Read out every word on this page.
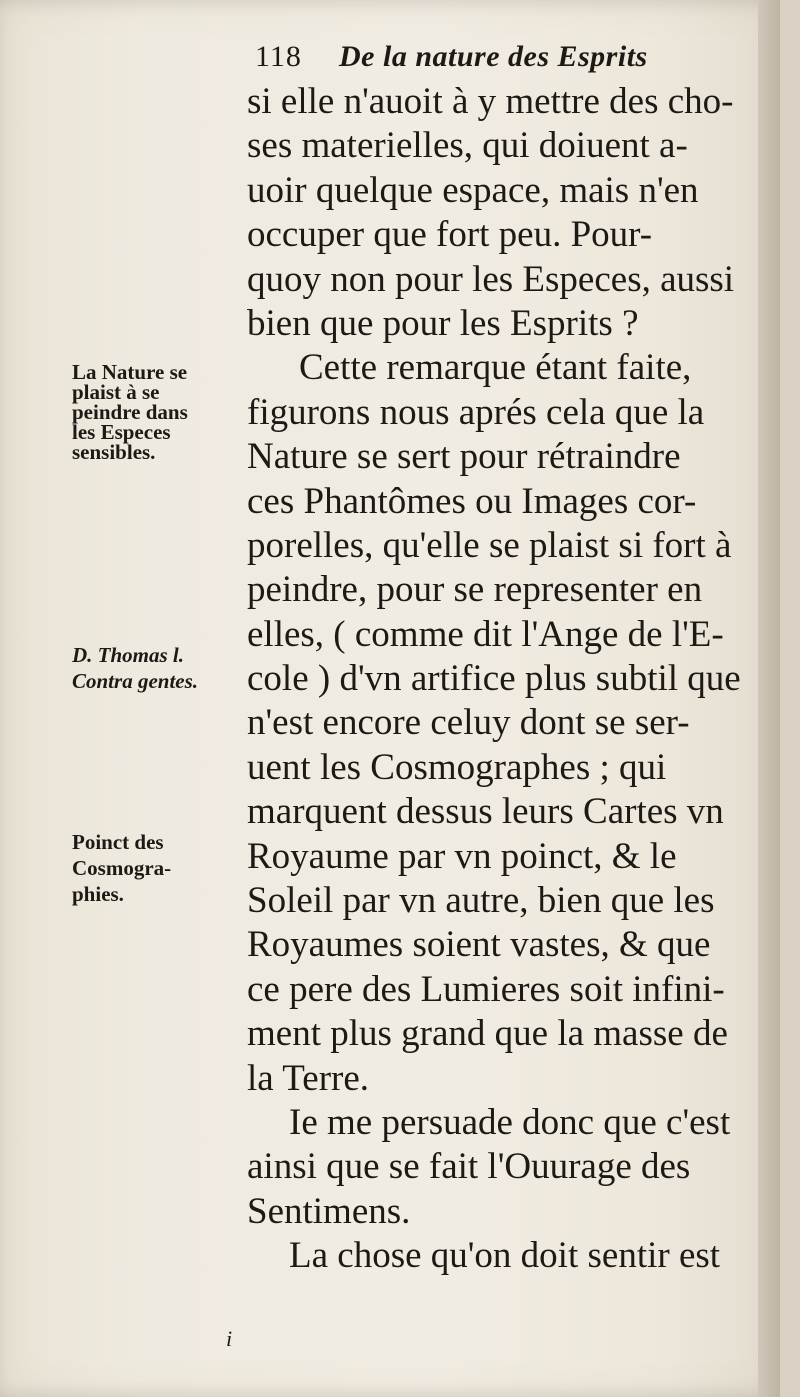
118 De la nature des Esprits
si elle n'auoit à y mettre des cho-
ses materielles, qui doiuent a-
uoir quelque espace, mais n'en
occuper que fort peu. Pour-
quoy non pour les Especes, aussi
bien que pour les Esprits ?
Cette remarque étant faite,
figurons nous aprés cela que la
Nature se sert pour rétraindre
ces Phantômes ou Images cor-
porelles, qu'elle se plaist si fort à
peindre, pour se representer en
elles, ( comme dit l'Ange de l'E-
cole ) d'vn artifice plus subtil que
n'est encore celuy dont se ser-
uent les Cosmographes ; qui
marquent dessus leurs Cartes vn
Royaume par vn poinct, & le
Soleil par vn autre, bien que les
Royaumes soient vastes, & que
ce pere des Lumieres soit infini-
ment plus grand que la masse de
la Terre.
Ie me persuade donc que c'est
ainsi que se fait l'Ouurage des
Sentimens.
La chose qu'on doit sentir est
La Nature se
plaist à se
peindre dans
les Especes
sensibles.
D. Thomas l.
Contra gentes.
Poinct des
Cosmogra-
phies.
i
